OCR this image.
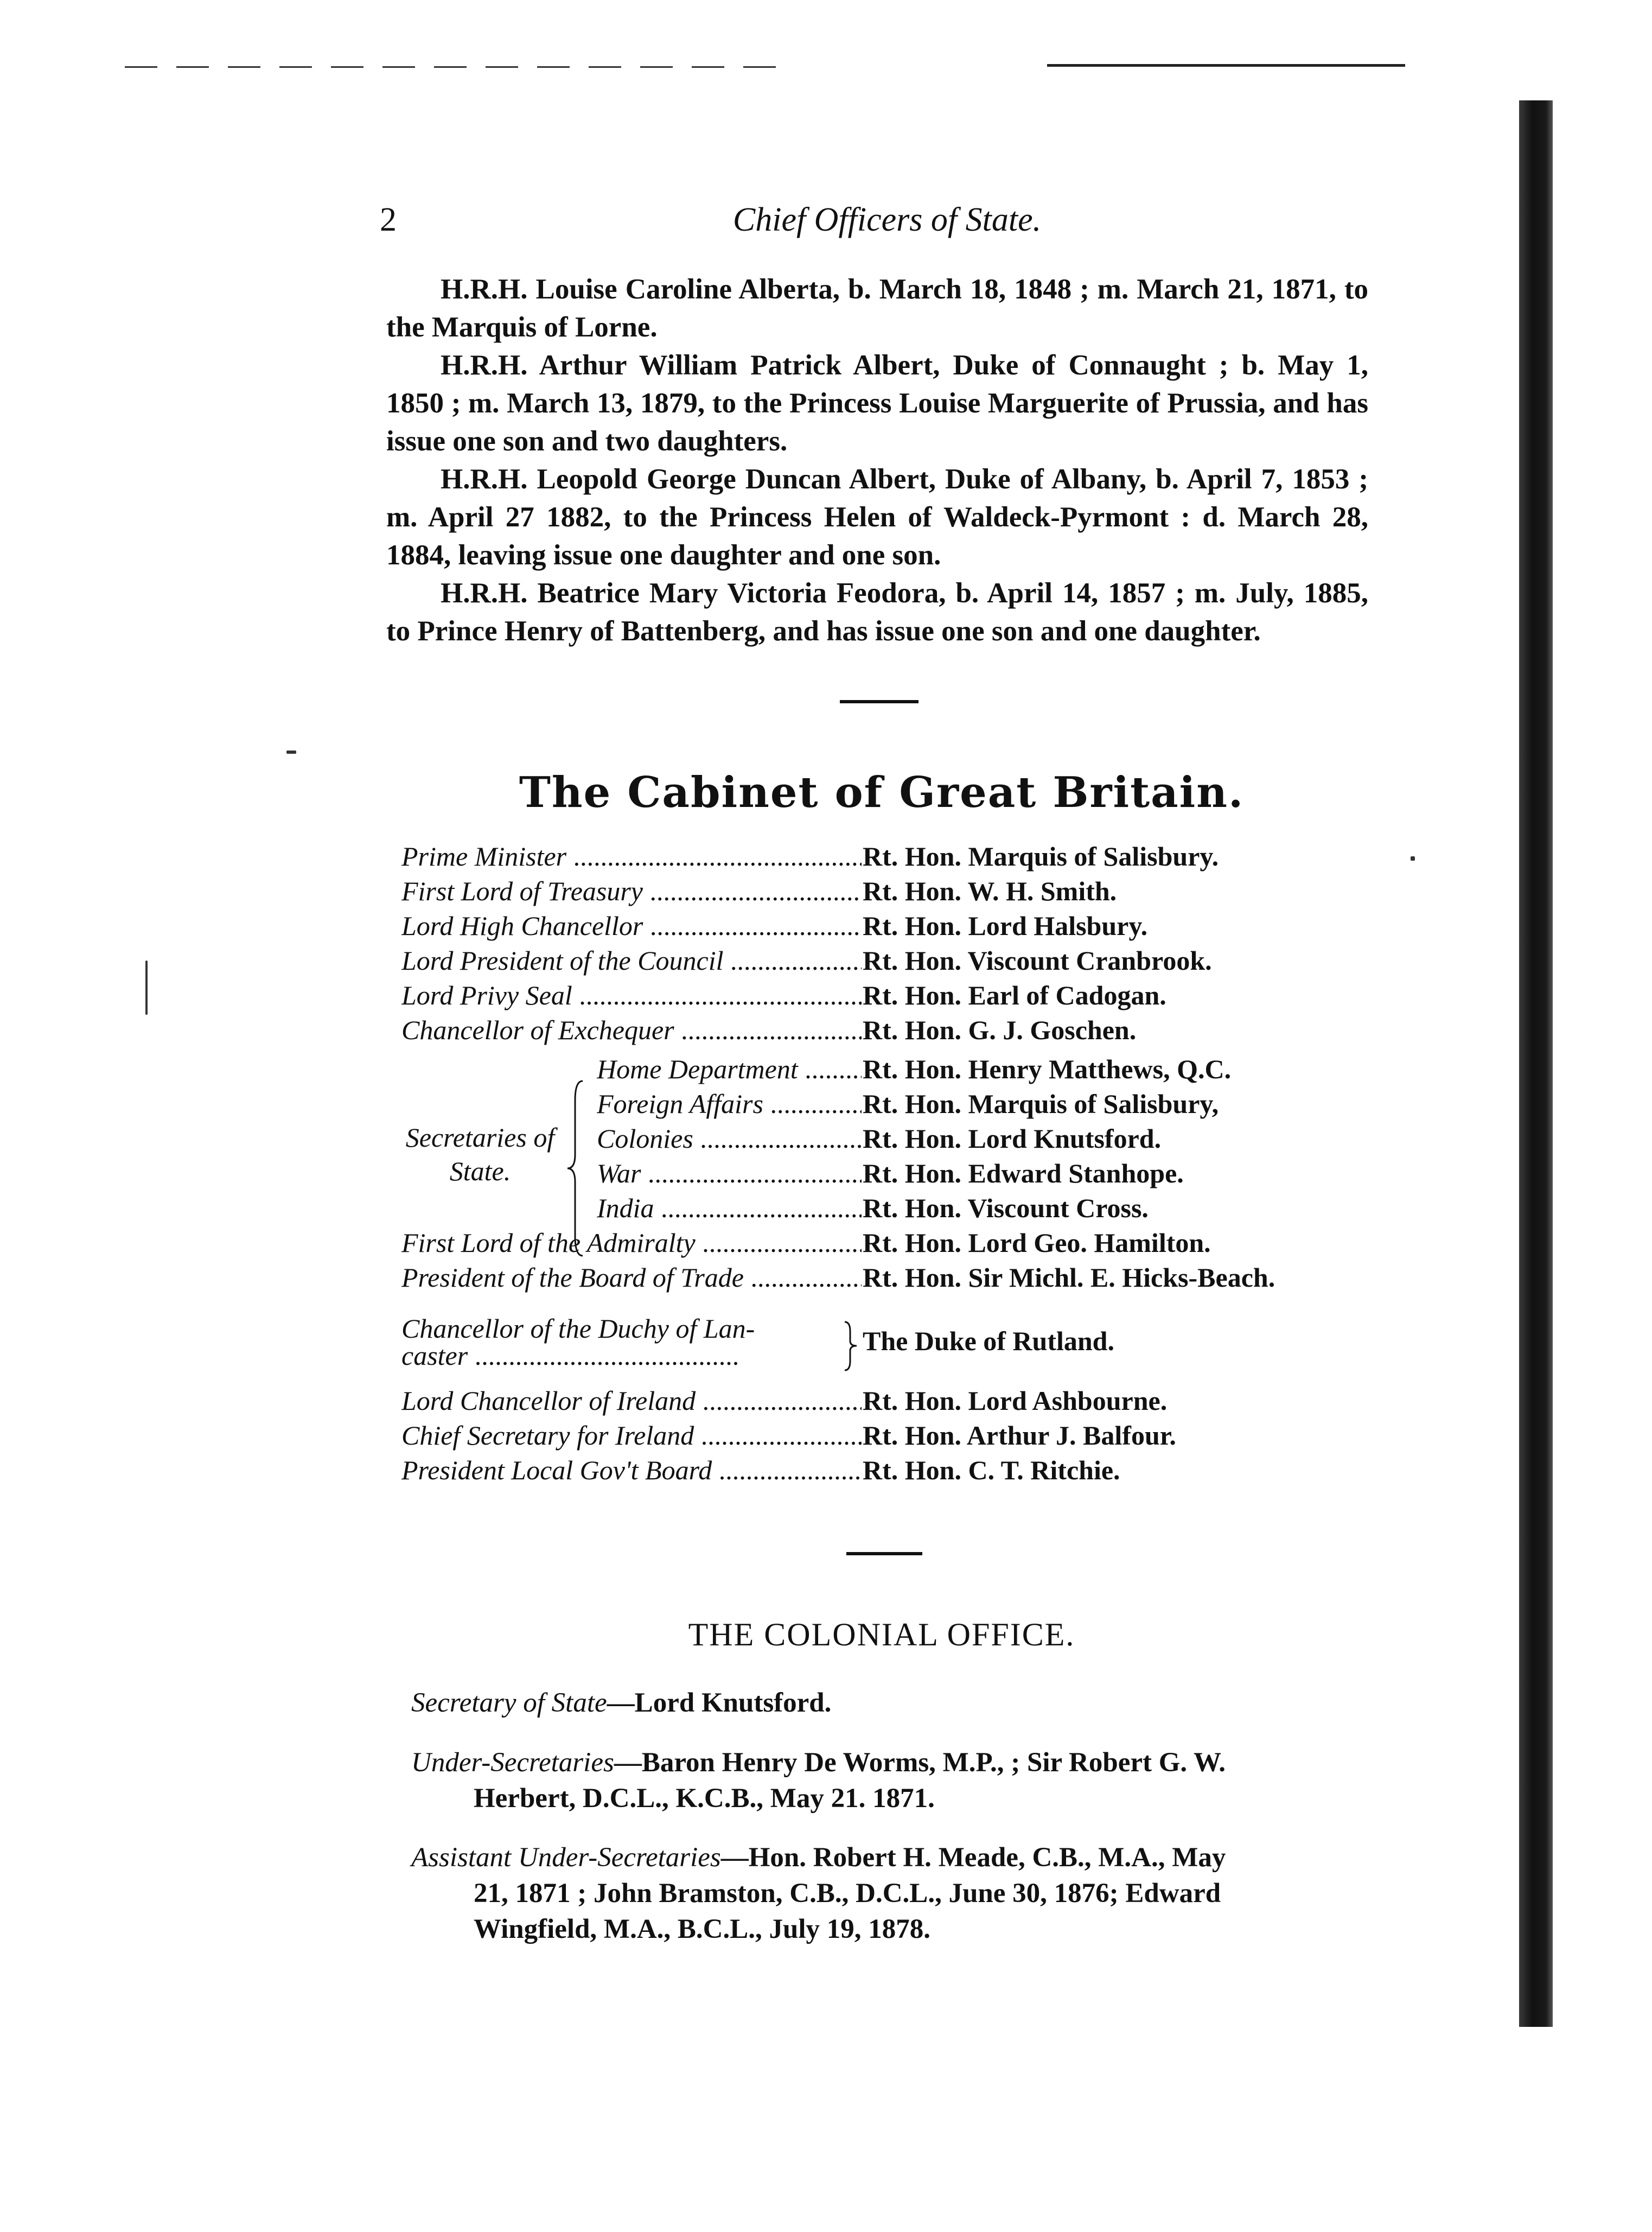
2	Chief Officers of State.

H.R.H. Louise Caroline Alberta, b. March 18, 1848 ; m. March 21, 1871, to the Marquis of Lorne.

H.R.H. Arthur William Patrick Albert, Duke of Connaught ; b. May 1, 1850 ; m. March 13, 1879, to the Princess Louise Marguerite of Prussia, and has issue one son and two daughters.

H.R.H. Leopold George Duncan Albert, Duke of Albany, b. April 7, 1853 ; m. April 27 1882, to the Princess Helen of Waldeck-Pyrmont : d. March 28, 1884, leaving issue one daughter and one son.

H.R.H. Beatrice Mary Victoria Feodora, b. April 14, 1857 ; m. July, 1885, to Prince Henry of Battenberg, and has issue one son and one daughter.

The Cabinet of Great Britain.
Prime Minister .....	Rt. Hon. Marquis of Salisbury.
First Lord of Treasury .....	Rt. Hon. W. H. Smith.
Lord High Chancellor .....	Rt. Hon. Lord Halsbury.
Lord President of the Council .....	Rt. Hon. Viscount Cranbrook.
Lord Privy Seal .....	Rt. Hon. Earl of Cadogan.
Chancellor of Exchequer .....	Rt. Hon. G. J. Goschen.
Secretaries of State.
Home Department .....	Rt. Hon. Henry Matthews, Q.C.
Foreign Affairs .....	Rt. Hon. Marquis of Salisbury,
Colonies .....	Rt. Hon. Lord Knutsford.
War .....	Rt. Hon. Edward Stanhope.
India .....	Rt. Hon. Viscount Cross.
First Lord of the Admiralty .....	Rt. Hon. Lord Geo. Hamilton.
President of the Board of Trade .....	Rt. Hon. Sir Michl. E. Hicks-Beach.
Chancellor of the Duchy of Lan-
caster .......................................	The Duke of Rutland.
Lord Chancellor of Ireland .....	Rt. Hon. Lord Ashbourne.
Chief Secretary for Ireland .....	Rt. Hon. Arthur J. Balfour.
President Local Gov't Board .....	Rt. Hon. C. T. Ritchie.
THE COLONIAL OFFICE.
Secretary of State—Lord Knutsford.
Under-Secretaries—Baron Henry De Worms, M.P., ; Sir Robert G. W.
Herbert, D.C.L., K.C.B., May 21. 1871.
Assistant Under-Secretaries—Hon. Robert H. Meade, C.B., M.A., May
21, 1871 ; John Bramston, C.B., D.C.L., June 30, 1876; Edward
Wingfield, M.A., B.C.L., July 19, 1878.
